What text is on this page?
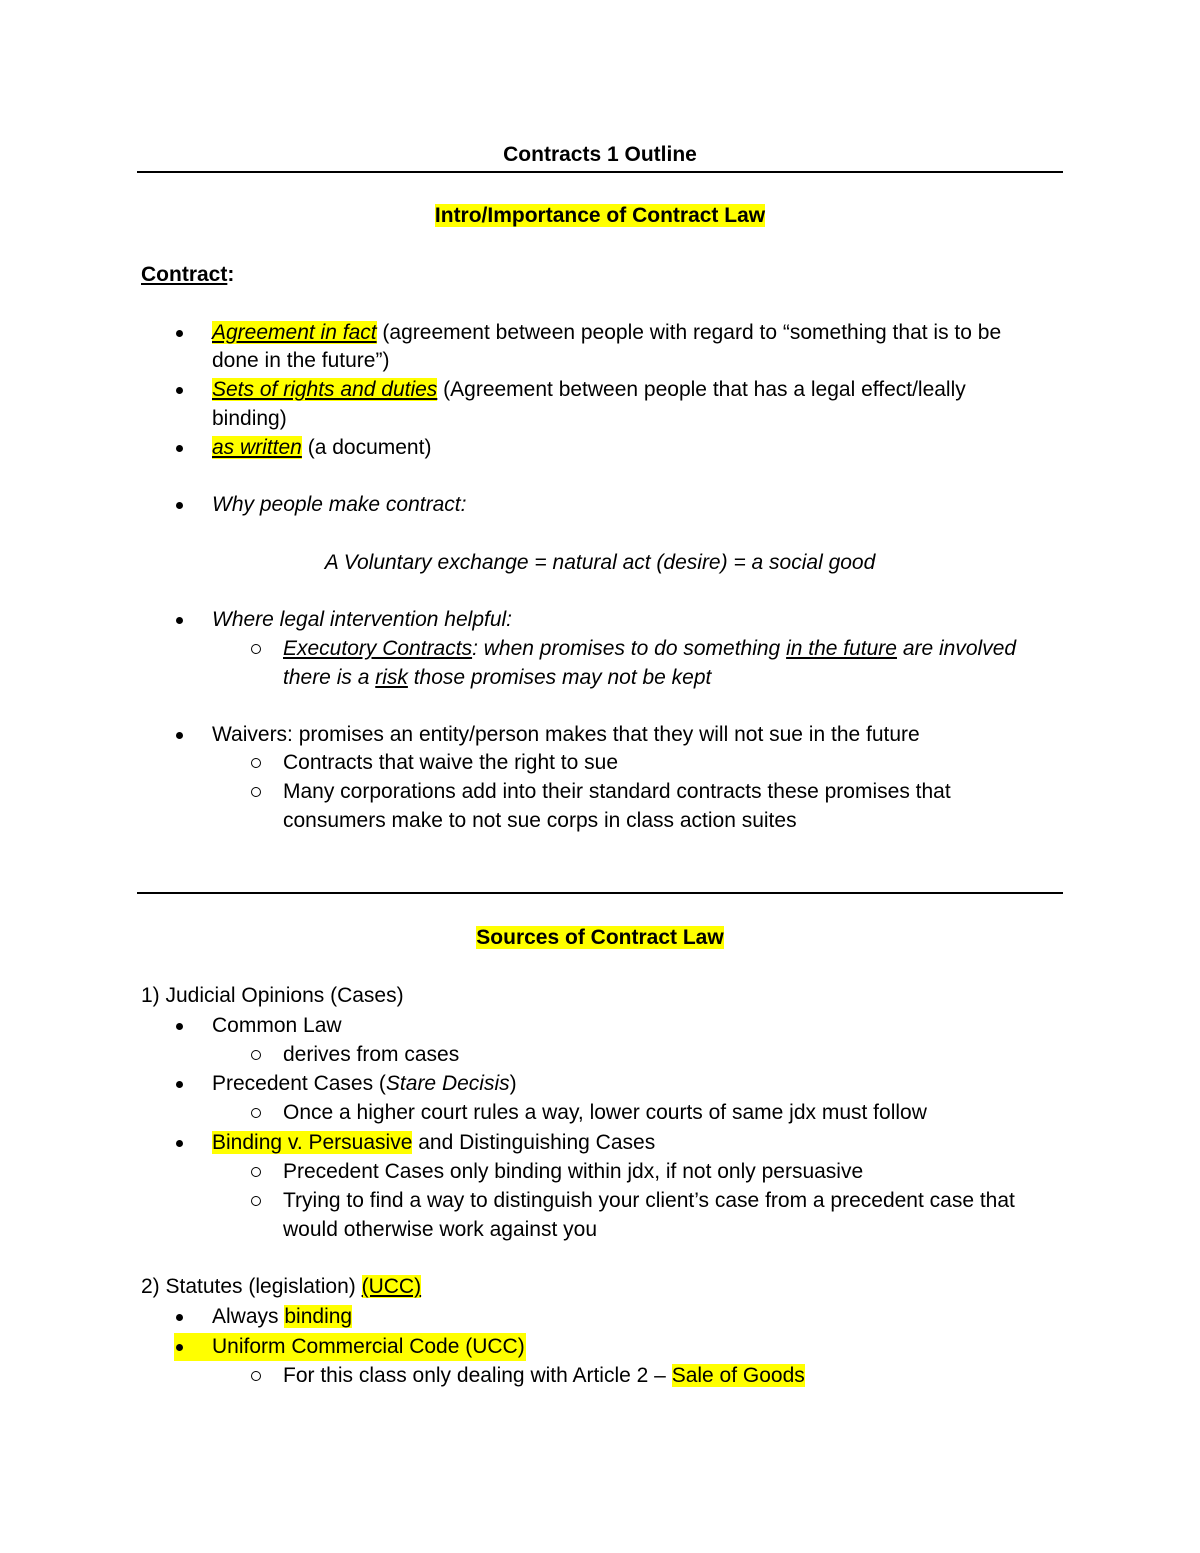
Contracts 1 Outline
Intro/Importance of Contract Law
Contract:
Agreement in fact (agreement between people with regard to “something that is to be
done in the future”)
Sets of rights and duties (Agreement between people that has a legal effect/leally
binding)
as written (a document)
Why people make contract:
A Voluntary exchange = natural act (desire) = a social good
Where legal intervention helpful:
Executory Contracts: when promises to do something in the future are involved
there is a risk those promises may not be kept
Waivers: promises an entity/person makes that they will not sue in the future
Contracts that waive the right to sue
Many corporations add into their standard contracts these promises that
consumers make to not sue corps in class action suites
Sources of Contract Law
1) Judicial Opinions (Cases)
Common Law
derives from cases
Precedent Cases (Stare Decisis)
Once a higher court rules a way, lower courts of same jdx must follow
Binding v. Persuasive and Distinguishing Cases
Precedent Cases only binding within jdx, if not only persuasive
Trying to find a way to distinguish your client’s case from a precedent case that
would otherwise work against you
2) Statutes (legislation) (UCC)
Always binding
Uniform Commercial Code (UCC)
For this class only dealing with Article 2 – Sale of Goods
